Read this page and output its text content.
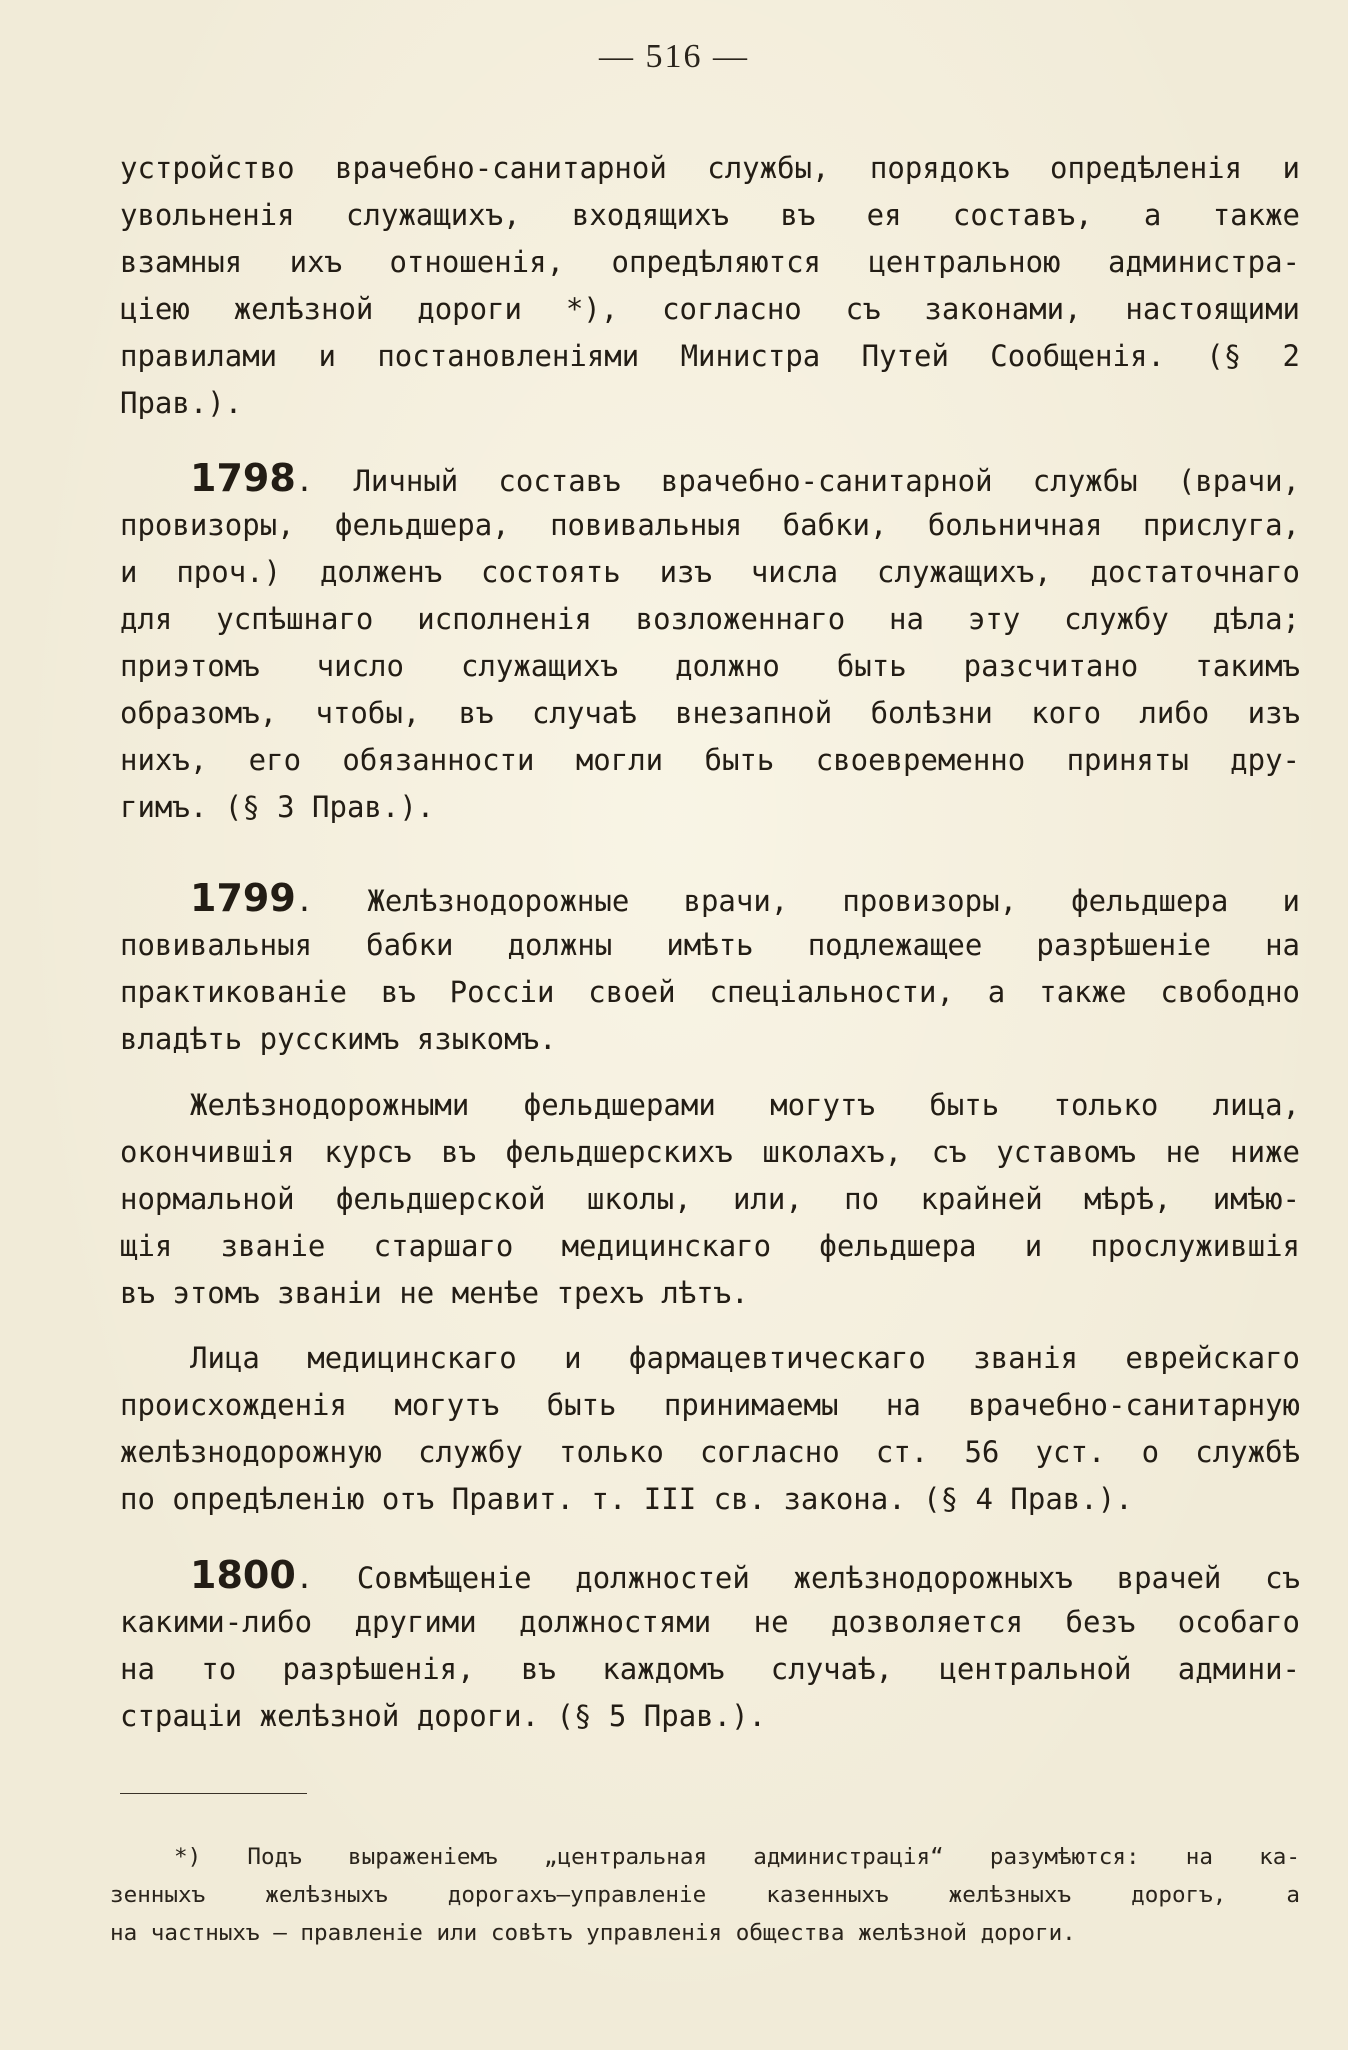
— 516 —
устройство врачебно-санитарной службы, порядокъ опредѣленія и
увольненія служащихъ, входящихъ въ ея составъ, а также
взамныя ихъ отношенія, опредѣляются центральною администра-
ціею желѣзной дороги *), согласно съ законами, настоящими
правилами и постановленіями Министра Путей Сообщенія. (§ 2
Прав.).
1798. Личный составъ врачебно-санитарной службы (врачи,
провизоры, фельдшера, повивальныя бабки, больничная прислуга,
и проч.) долженъ состоять изъ числа служащихъ, достаточнаго
для успѣшнаго исполненія возложеннаго на эту службу дѣла;
приэтомъ число служащихъ должно быть разсчитано такимъ
образомъ, чтобы, въ случаѣ внезапной болѣзни кого либо изъ
нихъ, его обязанности могли быть своевременно приняты дру-
гимъ. (§ 3 Прав.).
1799. Желѣзнодорожные врачи, провизоры, фельдшера и
повивальныя бабки должны имѣть подлежащее разрѣшеніе на
практикованіе въ Россіи своей спеціальности, а также свободно
владѣть русскимъ языкомъ.
Желѣзнодорожными фельдшерами могутъ быть только лица,
окончившія курсъ въ фельдшерскихъ школахъ, съ уставомъ не ниже
нормальной фельдшерской школы, или, по крайней мѣрѣ, имѣю-
щія званіе старшаго медицинскаго фельдшера и прослужившія
въ этомъ званіи не менѣе трехъ лѣтъ.
Лица медицинскаго и фармацевтическаго званія еврейскаго
происхожденія могутъ быть принимаемы на врачебно-санитарную
желѣзнодорожную службу только согласно ст. 56 уст. о службѣ
по опредѣленію отъ Правит. т. III св. закона. (§ 4 Прав.).
1800. Совмѣщеніе должностей желѣзнодорожныхъ врачей съ
какими-либо другими должностями не дозволяется безъ особаго
на то разрѣшенія, въ каждомъ случаѣ, центральной админи-
страціи желѣзной дороги. (§ 5 Прав.).
*) Подъ выраженіемъ „центральная администрація“ разумѣются: на ка-
зенныхъ желѣзныхъ дорогахъ—управленіе казенныхъ желѣзныхъ дорогъ, а
на частныхъ – правленіе или совѣтъ управленія общества желѣзной дороги.
